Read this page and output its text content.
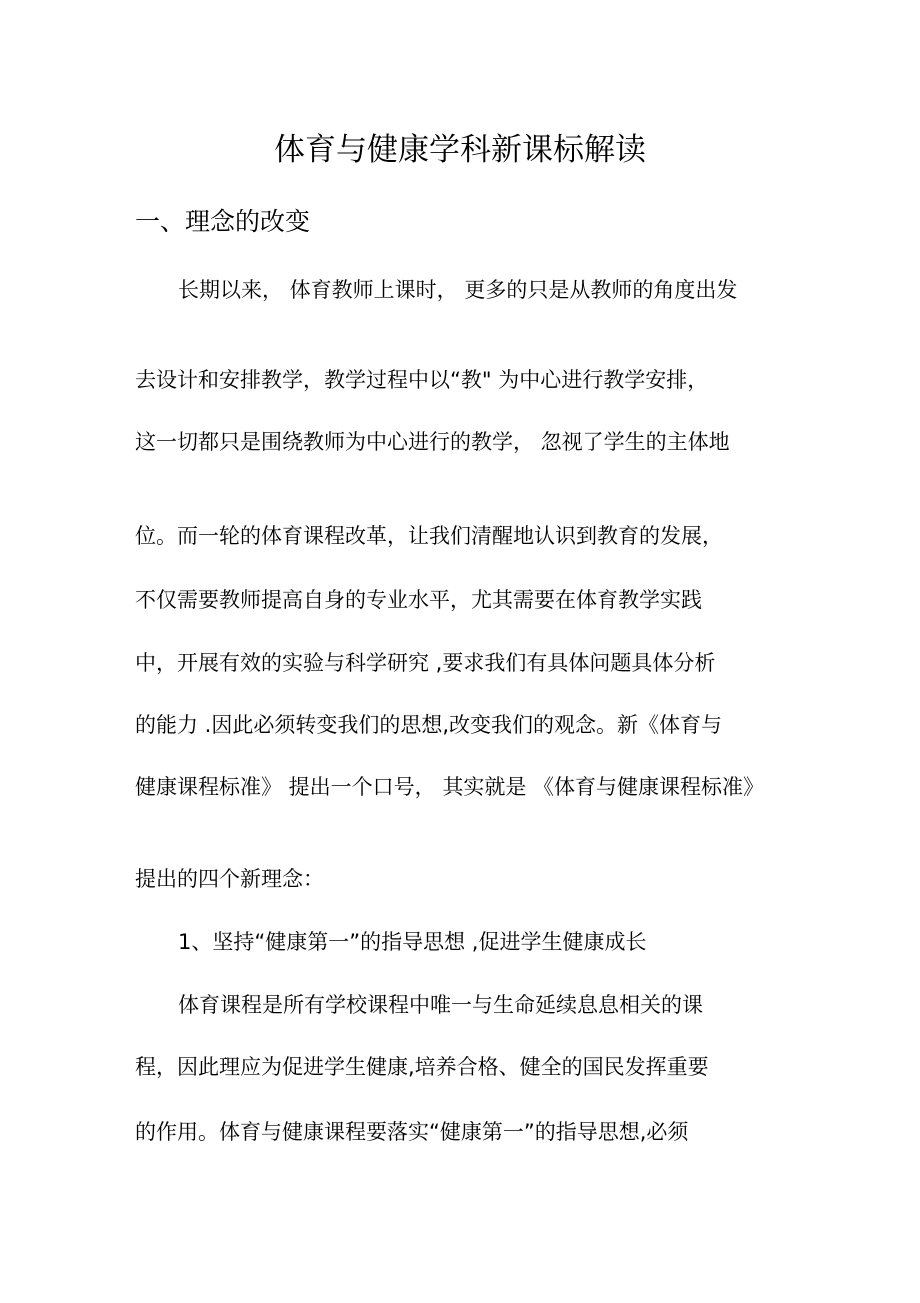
体育与健康学科新课标解读
一、理念的改变
长期以来， 体育教师上课时， 更多的只是从教师的角度出发
去设计和安排教学，教学过程中以“教" 为中心进行教学安排，
这一切都只是围绕教师为中心进行的教学， 忽视了学生的主体地
位。而一轮的体育课程改革，让我们清醒地认识到教育的发展，
不仅需要教师提高自身的专业水平，尤其需要在体育教学实践
中，开展有效的实验与科学研究 ,要求我们有具体问题具体分析
的能力 .因此必须转变我们的思想,改变我们的观念。新《体育与
健康课程标准》 提出一个口号， 其实就是 《体育与健康课程标准》
提出的四个新理念：
1、坚持“健康第一”的指导思想 ,促进学生健康成长
体育课程是所有学校课程中唯一与生命延续息息相关的课
程，因此理应为促进学生健康,培养合格、健全的国民发挥重要
的作用。体育与健康课程要落实“健康第一”的指导思想,必须
